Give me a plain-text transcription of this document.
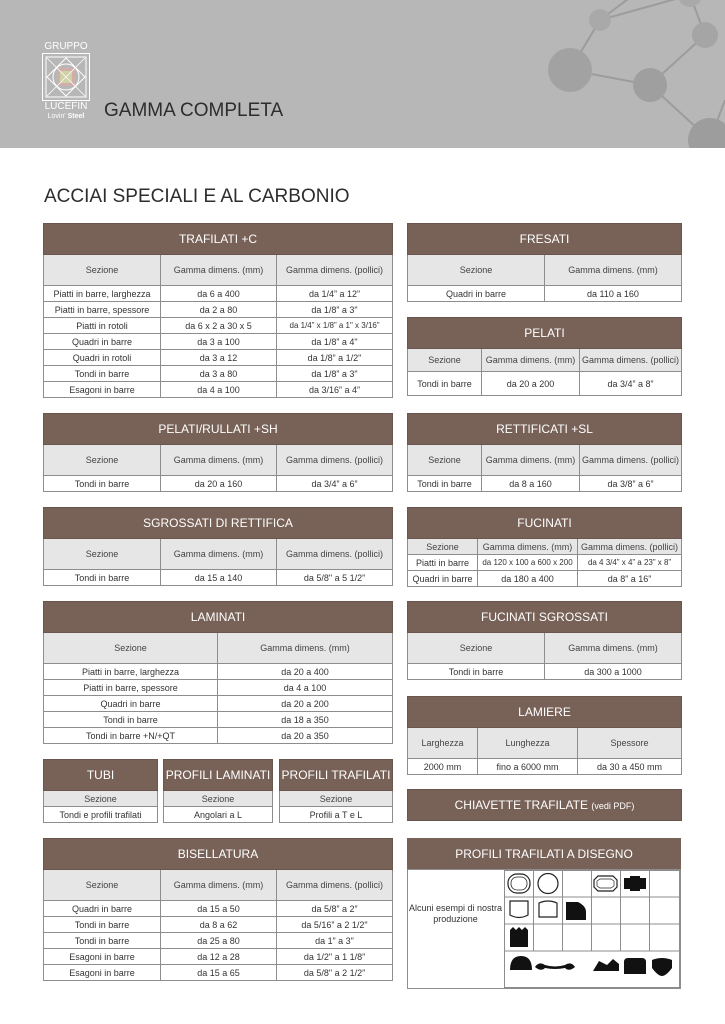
GRUPPO
LUCEFIN
Lovin' Steel GAMMA COMPLETA
ACCIAI SPECIALI E AL CARBONIO
TRAFILATI +C		
Sezione	Gamma dimens. (mm)	Gamma dimens. (pollici)
Piatti in barre, larghezza	da 6 a 400	da 1/4” a 12”
Piatti in barre, spessore	da 2 a 80	da 1/8” a 3"
Piatti in rotoli	da 6 x 2 a 30 x 5	da 1/4” x 1/8” a 1" x 3/16”
Quadri in barre	da 3 a 100	da 1/8” a 4"
Quadri in rotoli	da 3 a 12	da 1/8” a 1/2"
Tondi in barre	da 3 a 80	da 1/8” a 3"
Esagoni in barre	da 4 a 100	da 3/16” a 4”
FRESATI	
Sezione	Gamma dimens. (mm)
Quadri in barre	da 110 a 160
PELATI		
Sezione	Gamma dimens. (mm)	Gamma dimens. (pollici)
Tondi in barre	da 20 a 200	da 3/4” a 8”
PELATI/RULLATI +SH		
Sezione	Gamma dimens. (mm)	Gamma dimens. (pollici)
Tondi in barre	da 20 a 160	da 3/4” a 6”
RETTIFICATI +SL		
Sezione	Gamma dimens. (mm)	Gamma dimens. (pollici)
Tondi in barre	da 8 a 160	da 3/8” a 6”
SGROSSATI DI RETTIFICA		
Sezione	Gamma dimens. (mm)	Gamma dimens. (pollici)
Tondi in barre	da 15 a 140	da 5/8" a 5 1/2”
FUCINATI		
Sezione	Gamma dimens. (mm)	Gamma dimens. (pollici)
Piatti in barre	da 120 x 100 a 600 x 200	da 4 3/4” x 4” a 23” x 8”
Quadri in barre	da 180 a 400	da 8” a 16”
LAMINATI	
Sezione	Gamma dimens. (mm)
Piatti in barre, larghezza	da 20 a 400
Piatti in barre, spessore	da 4 a 100
Quadri in barre	da 20 a 200
Tondi in barre	da 18 a 350
Tondi in barre +N/+QT	da 20 a 350
FUCINATI SGROSSATI	
Sezione	Gamma dimens. (mm)
Tondi in barre	da 300 a 1000
LAMIERE		
Larghezza	Lunghezza	Spessore
2000 mm	fino a 6000 mm	da 30 a 450 mm
TUBI
Sezione
Tondi e profili trafilati
PROFILI LAMINATI
Sezione
Angolari a L
PROFILI TRAFILATI
Sezione
Profili a T e L
CHIAVETTE TRAFILATE (vedi PDF)
BISELLATURA		
Sezione	Gamma dimens. (mm)	Gamma dimens. (pollici)
Quadri in barre	da 15 a 50	da 5/8” a 2”
Tondi in barre	da 8 a 62	da 5/16” a 2 1/2"
Tondi in barre	da 25 a 80	da 1” a 3"
Esagoni in barre	da 12 a 28	da 1/2" a 1 1/8”
Esagoni in barre	da 15 a 65	da 5/8" a 2 1/2”
PROFILI TRAFILATI A DISEGNO
Alcuni esempi di nostra produzione
